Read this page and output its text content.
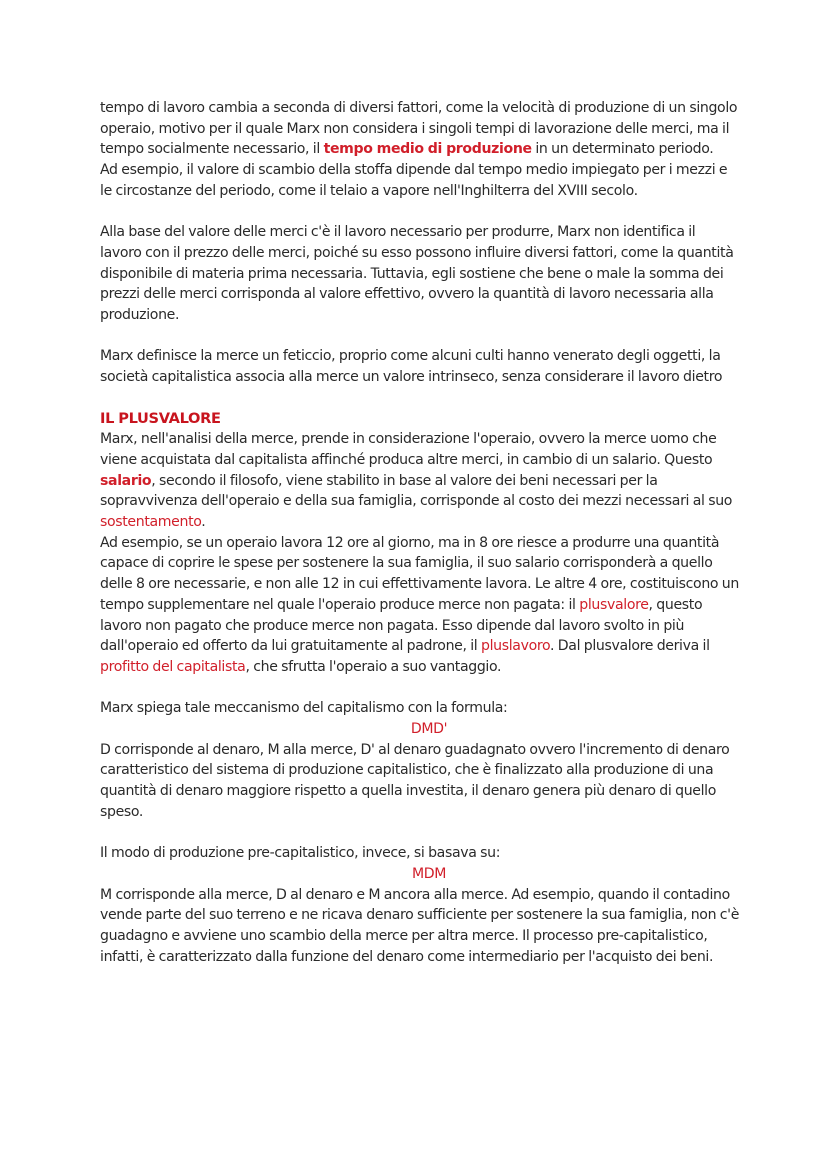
tempo di lavoro cambia a seconda di diversi fattori, come la velocità di produzione di un singolo operaio, motivo per il quale Marx non considera i singoli tempi di lavorazione delle merci, ma il tempo socialmente necessario, il tempo medio di produzione in un determinato periodo.

Ad esempio, il valore di scambio della stoffa dipende dal tempo medio impiegato per i mezzi e le circostanze del periodo, come il telaio a vapore nell'Inghilterra del XVIII secolo.

Alla base del valore delle merci c'è il lavoro necessario per produrre, Marx non identifica il lavoro con il prezzo delle merci, poiché su esso possono influire diversi fattori, come la quantità disponibile di materia prima necessaria. Tuttavia, egli sostiene che bene o male la somma dei prezzi delle merci corrisponda al valore effettivo, ovvero la quantità di lavoro necessaria alla produzione.

Marx definisce la merce un feticcio, proprio come alcuni culti hanno venerato degli oggetti, la società capitalistica associa alla merce un valore intrinseco, senza considerare il lavoro dietro

IL PLUSVALORE

Marx, nell'analisi della merce, prende in considerazione l'operaio, ovvero la merce uomo che viene acquistata dal capitalista affinché produca altre merci, in cambio di un salario. Questo salario, secondo il filosofo, viene stabilito in base al valore dei beni necessari per la sopravvivenza dell'operaio e della sua famiglia, corrisponde al costo dei mezzi necessari al suo sostentamento.

Ad esempio, se un operaio lavora 12 ore al giorno, ma in 8 ore riesce a produrre una quantità capace di coprire le spese per sostenere la sua famiglia, il suo salario corrisponderà a quello delle 8 ore necessarie, e non alle 12 in cui effettivamente lavora. Le altre 4 ore, costituiscono un tempo supplementare nel quale l'operaio produce merce non pagata: il plusvalore, questo lavoro non pagato che produce merce non pagata. Esso dipende dal lavoro svolto in più dall'operaio ed offerto da lui gratuitamente al padrone, il pluslavoro. Dal plusvalore deriva il profitto del capitalista, che sfrutta l'operaio a suo vantaggio.

Marx spiega tale meccanismo del capitalismo con la formula:

DMD'

D corrisponde al denaro, M alla merce, D' al denaro guadagnato ovvero l'incremento di denaro caratteristico del sistema di produzione capitalistico, che è finalizzato alla produzione di una quantità di denaro maggiore rispetto a quella investita, il denaro genera più denaro di quello speso.

Il modo di produzione pre-capitalistico, invece, si basava su:

MDM

M corrisponde alla merce, D al denaro e M ancora alla merce. Ad esempio, quando il contadino vende parte del suo terreno e ne ricava denaro sufficiente per sostenere la sua famiglia, non c'è guadagno e avviene uno scambio della merce per altra merce. Il processo pre-capitalistico, infatti, è caratterizzato dalla funzione del denaro come intermediario per l'acquisto dei beni.
